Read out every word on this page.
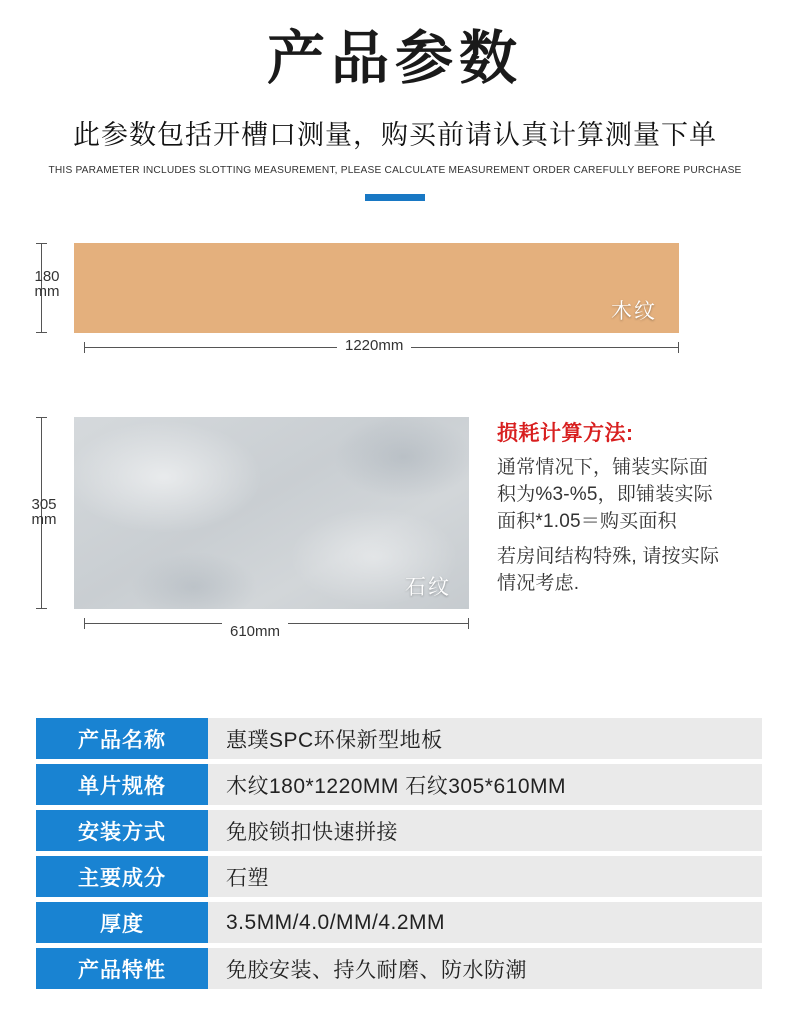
产品参数
此参数包括开槽口测量，购买前请认真计算测量下单
THIS PARAMETER INCLUDES SLOTTING MEASUREMENT, PLEASE CALCULATE MEASUREMENT ORDER CAREFULLY BEFORE PURCHASE
木纹
180
mm
1220mm
石纹
305
mm
610mm
损耗计算方法:
通常情况下，铺装实际面
积为%3-%5，即铺装实际
面积*1.05＝购买面积
若房间结构特殊, 请按实际
情况考虑.
产品名称	惠璞SPC环保新型地板
单片规格	木纹180*1220MM 石纹305*610MM
安装方式	免胶锁扣快速拼接
主要成分	石塑
厚度	3.5MM/4.0/MM/4.2MM
产品特性	免胶安装、持久耐磨、防水防潮
